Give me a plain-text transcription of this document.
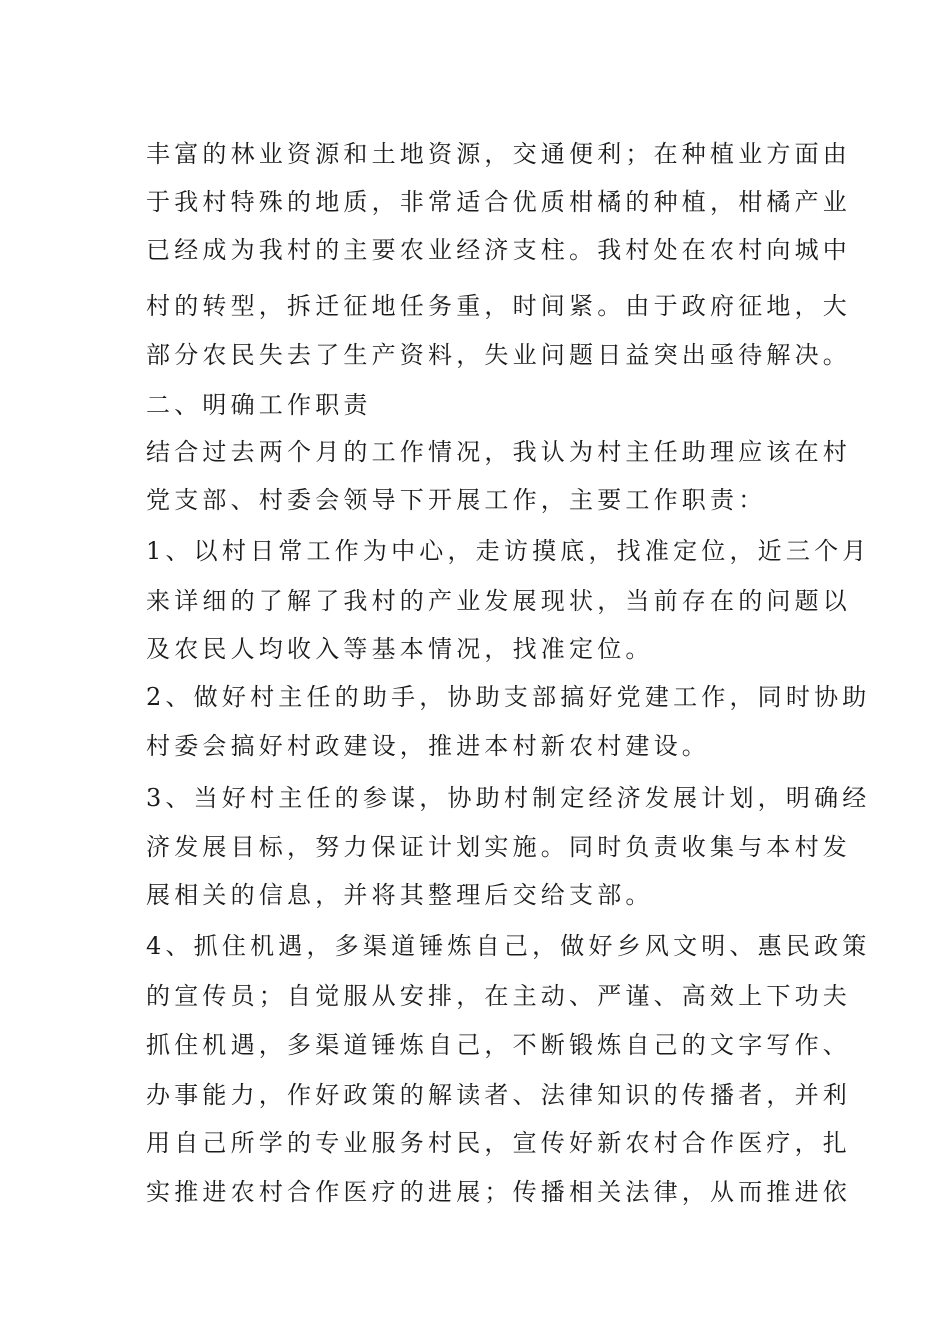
丰富的林业资源和土地资源，交通便利；在种植业方面由
于我村特殊的地质，非常适合优质柑橘的种植，柑橘产业
已经成为我村的主要农业经济支柱。我村处在农村向城中
村的转型，拆迁征地任务重，时间紧。由于政府征地，大
部分农民失去了生产资料，失业问题日益突出亟待解决。
二、明确工作职责
结合过去两个月的工作情况，我认为村主任助理应该在村
党支部、村委会领导下开展工作，主要工作职责：
1、以村日常工作为中心，走访摸底，找准定位，近三个月
来详细的了解了我村的产业发展现状，当前存在的问题以
及农民人均收入等基本情况，找准定位。
2、做好村主任的助手，协助支部搞好党建工作，同时协助
村委会搞好村政建设，推进本村新农村建设。
3、当好村主任的参谋，协助村制定经济发展计划，明确经
济发展目标，努力保证计划实施。同时负责收集与本村发
展相关的信息，并将其整理后交给支部。
4、抓住机遇，多渠道锤炼自己，做好乡风文明、惠民政策
的宣传员；自觉服从安排，在主动、严谨、高效上下功夫
抓住机遇，多渠道锤炼自己，不断锻炼自己的文字写作、
办事能力，作好政策的解读者、法律知识的传播者，并利
用自己所学的专业服务村民，宣传好新农村合作医疗，扎
实推进农村合作医疗的进展；传播相关法律，从而推进依
